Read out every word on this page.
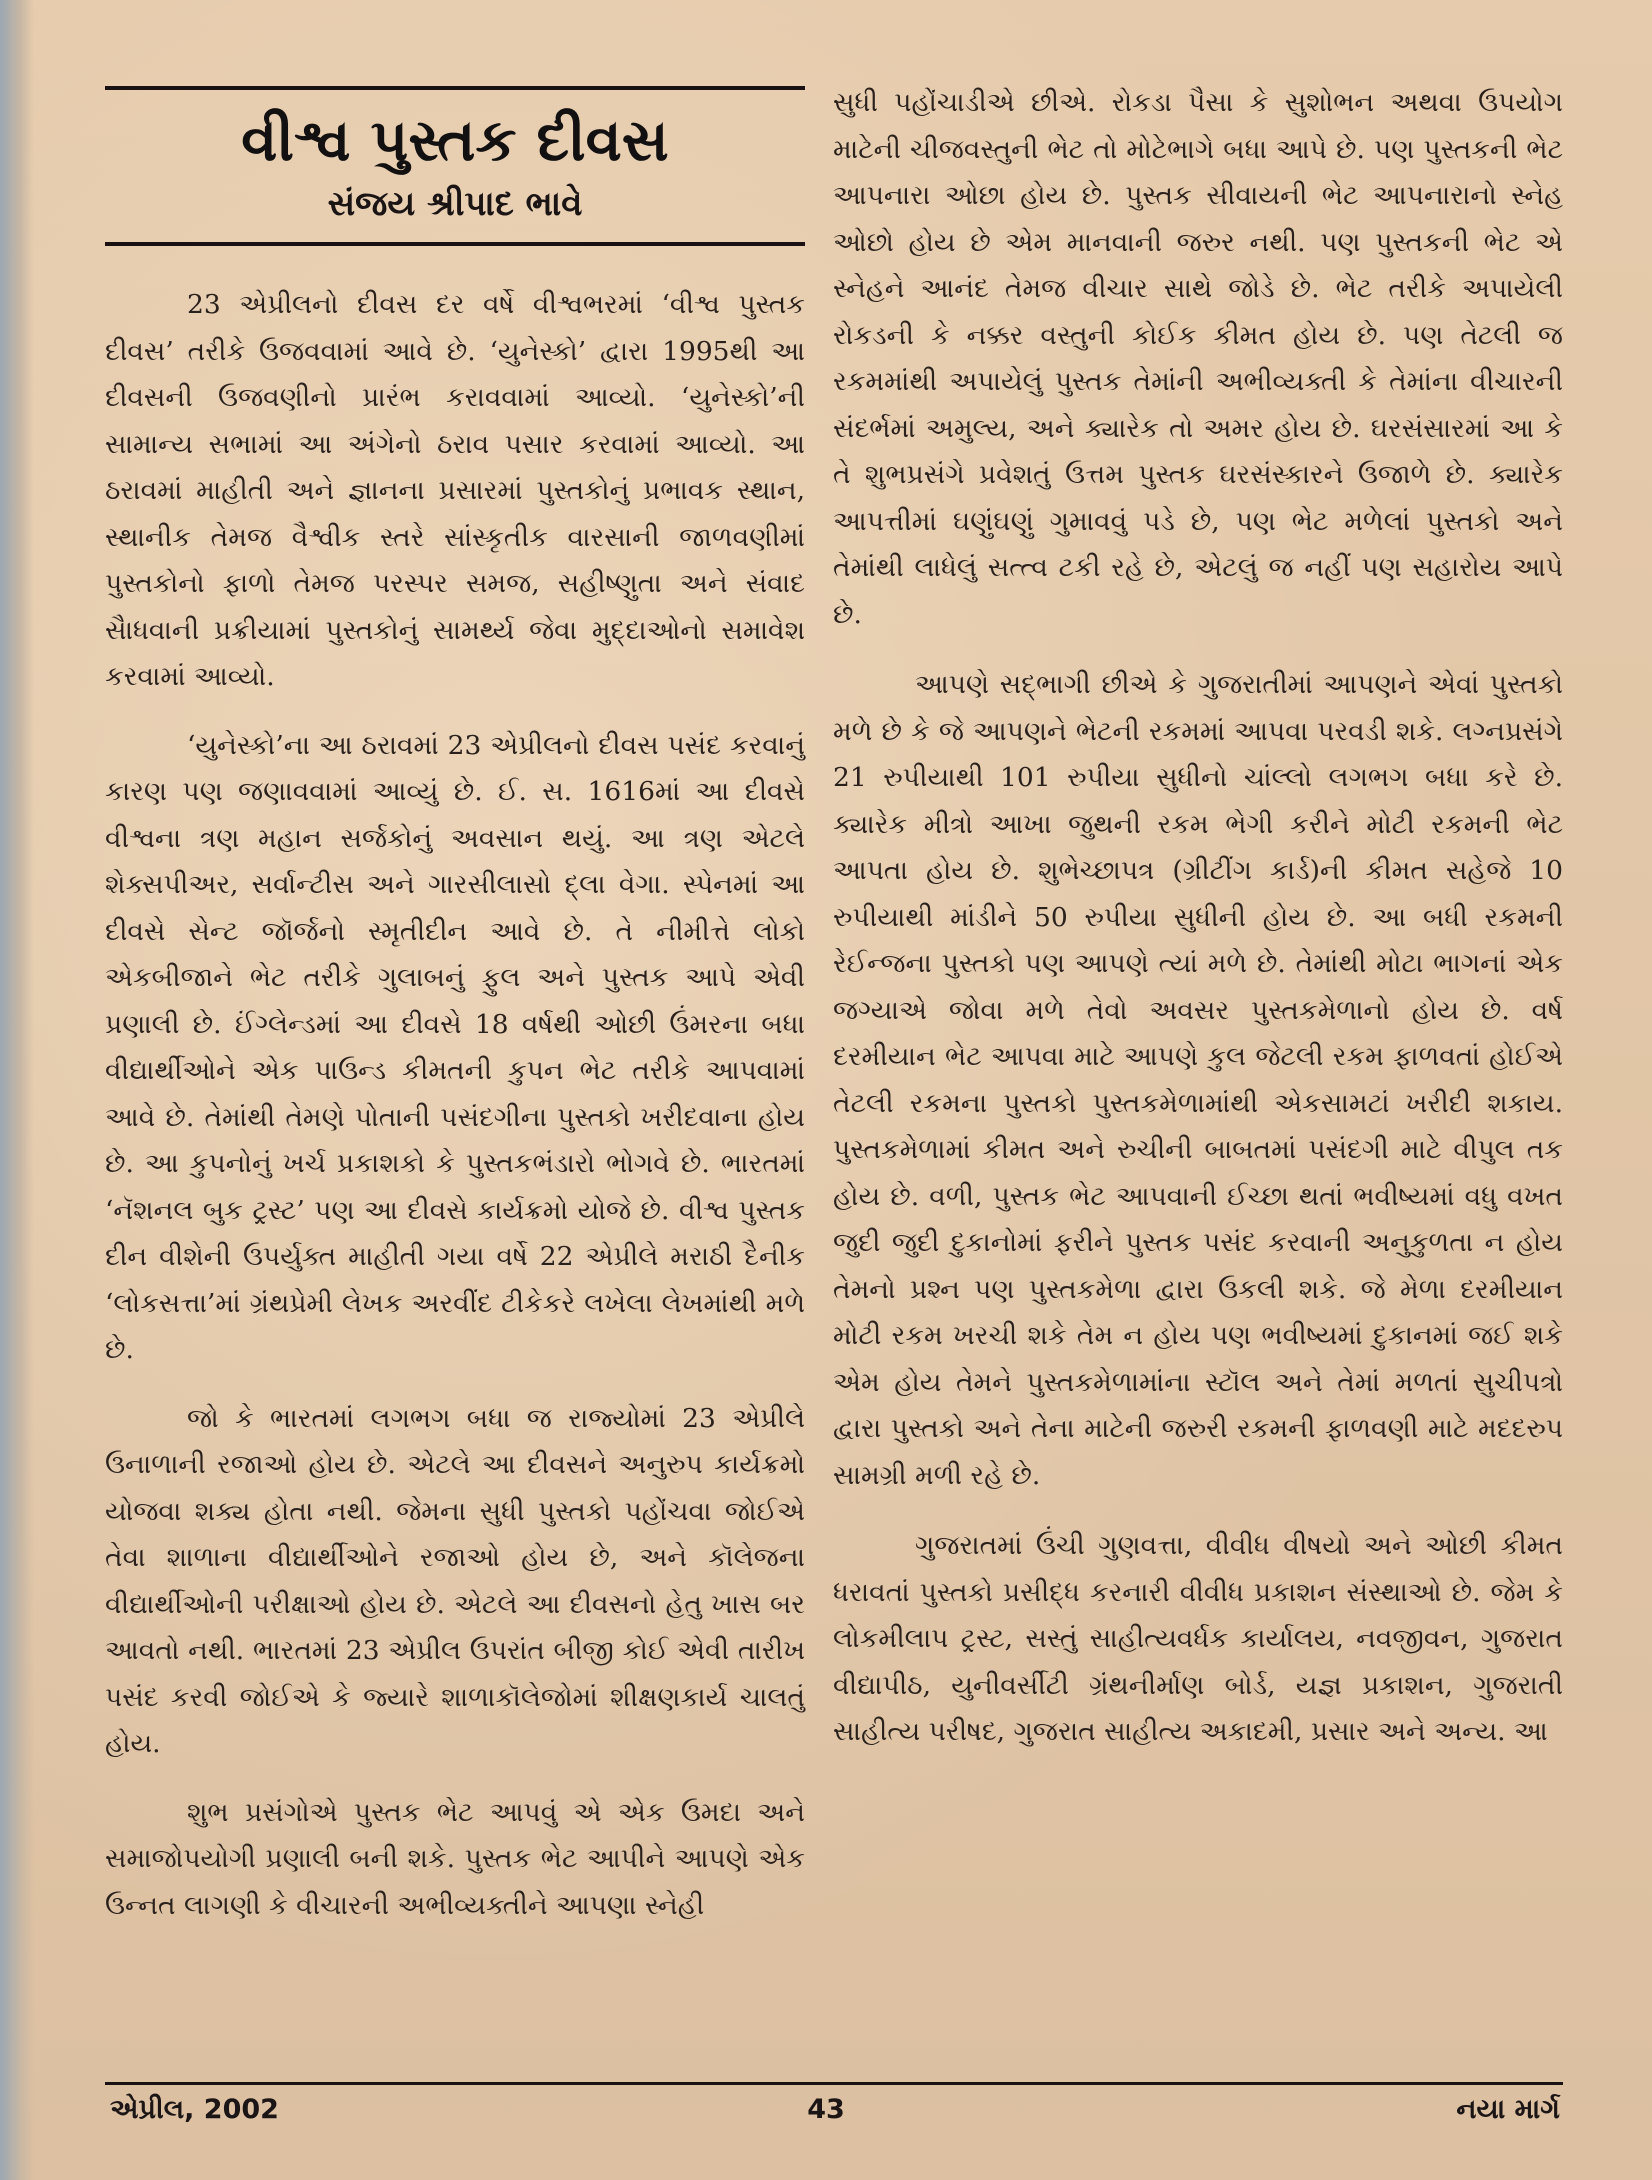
વીશ્વ પુસ્તક દીવસ
સંજય શ્રીપાદ ભાવે

23 એપ્રીલનો દીવસ દર વર્ષે વીશ્વભરમાં ‘વીશ્વ પુસ્તક દીવસ’ તરીકે ઉજવવામાં આવે છે. ‘યુનેસ્કો’ દ્વારા 1995થી આ દીવસની ઉજવણીનો પ્રારંભ કરાવવામાં આવ્યો. ‘યુનેસ્કો’ની સામાન્ય સભામાં આ અંગેનો ઠરાવ પસાર કરવામાં આવ્યો. આ ઠરાવમાં માહીતી અને જ્ઞાનના પ્રસારમાં પુસ્તકોનું પ્રભાવક સ્થાન, સ્થાનીક તેમજ વૈશ્વીક સ્તરે સાંસ્કૃતીક વારસાની જાળવણીમાં પુસ્તકોનો ફાળો તેમજ પરસ્પર સમજ, સહીષ્ણુતા અને સંવાદ સૈાધવાની પ્રક્રીયામાં પુસ્તકોનું સામર્થ્ય જેવા મુદ્દાઓનો સમાવેશ કરવામાં આવ્યો.

‘યુનેસ્કો’ના આ ઠરાવમાં 23 એપ્રીલનો દીવસ પસંદ કરવાનું કારણ પણ જણાવવામાં આવ્યું છે. ઈ. સ. 1616માં આ દીવસે વીશ્વના ત્રણ મહાન સર્જકોનું અવસાન થયું. આ ત્રણ એટલે શેક્સપીઅર, સર્વાન્ટીસ અને ગારસીલાસો દ્લા વેગા. સ્પેનમાં આ દીવસે સેન્ટ જૉર્જનો સ્મૃતીદીન આવે છે. તે નીમીત્તે લોકો એકબીજાને ભેટ તરીકે ગુલાબનું ફુલ અને પુસ્તક આપે એવી પ્રણાલી છે. ઈંગ્લેન્ડમાં આ દીવસે 18 વર્ષથી ઓછી ઉંમરના બધા વીદ્યાર્થીઓને એક પાઉન્ડ કીમતની કુપન ભેટ તરીકે આપવામાં આવે છે. તેમાંથી તેમણે પોતાની પસંદગીના પુસ્તકો ખરીદવાના હોય છે. આ કુપનોનું ખર્ચ પ્રકાશકો કે પુસ્તકભંડારો ભોગવે છે. ભારતમાં ‘નૅશનલ બુક ટ્રસ્ટ’ પણ આ દીવસે કાર્યક્રમો યોજે છે. વીશ્વ પુસ્તક દીન વીશેની ઉપર્યુક્ત માહીતી ગયા વર્ષે 22 એપ્રીલે મરાઠી દૈનીક ‘લોકસત્તા’માં ગ્રંથપ્રેમી લેખક અરવીંદ ટીકેકરે લખેલા લેખમાંથી મળે છે.

જો કે ભારતમાં લગભગ બધા જ રાજ્યોમાં 23 એપ્રીલે ઉનાળાની રજાઓ હોય છે. એટલે આ દીવસને અનુરુપ કાર્યક્રમો યોજવા શક્ય હોતા નથી. જેમના સુધી પુસ્તકો પહોંચવા જોઈએ તેવા શાળાના વીદ્યાર્થીઓને રજાઓ હોય છે, અને કૉલેજના વીદ્યાર્થીઓની પરીક્ષાઓ હોય છે. એટલે આ દીવસનો હેતુ ખાસ બર આવતો નથી. ભારતમાં 23 એપ્રીલ ઉપરાંત બીજી કોઈ એવી તારીખ પસંદ કરવી જોઈએ કે જ્યારે શાળાકૉલેજોમાં શીક્ષણકાર્ય ચાલતું હોય.

શુભ પ્રસંગોએ પુસ્તક ભેટ આપવું એ એક ઉમદા અને સમાજોપયોગી પ્રણાલી બની શકે. પુસ્તક ભેટ આપીને આપણે એક ઉન્નત લાગણી કે વીચારની અભીવ્યક્તીને આપણા સ્નેહી

સુધી પહોંચાડીએ છીએ. રોકડા પૈસા કે સુશોભન અથવા ઉપયોગ માટેની ચીજવસ્તુની ભેટ તો મોટેભાગે બધા આપે છે. પણ પુસ્તકની ભેટ આપનારા ઓછા હોય છે. પુસ્તક સીવાયની ભેટ આપનારાનો સ્નેહ ઓછો હોય છે એમ માનવાની જરુર નથી. પણ પુસ્તકની ભેટ એ સ્નેહને આનંદ તેમજ વીચાર સાથે જોડે છે. ભેટ તરીકે અપાયેલી રોકડની કે નક્કર વસ્તુની કોઈક કીમત હોય છે. પણ તેટલી જ રકમમાંથી અપાયેલું પુસ્તક તેમાંની અભીવ્યક્તી કે તેમાંના વીચારની સંદર્ભમાં અમુલ્ય, અને ક્યારેક તો અમર હોય છે. ઘરસંસારમાં આ કે તે શુભપ્રસંગે પ્રવેશતું ઉત્તમ પુસ્તક ઘરસંસ્કારને ઉજાળે છે. ક્યારેક આપત્તીમાં ઘણુંઘણું ગુમાવવું પડે છે, પણ ભેટ મળેલાં પુસ્તકો અને તેમાંથી લાધેલું સત્ત્વ ટકી રહે છે, એટલું જ નહીં પણ સહારોય આપે છે.

આપણે સદ્ભાગી છીએ કે ગુજરાતીમાં આપણને એવાં પુસ્તકો મળે છે કે જે આપણને ભેટની રકમમાં આપવા પરવડી શકે. લગ્નપ્રસંગે 21 રુપીયાથી 101 રુપીયા સુધીનો ચાંલ્લો લગભગ બધા કરે છે. ક્યારેક મીત્રો આખા જુથની રકમ ભેગી કરીને મોટી રકમની ભેટ આપતા હોય છે. શુભેચ્છાપત્ર (ગ્રીટીંગ કાર્ડ)ની કીમત સહેજે 10 રુપીયાથી માંડીને 50 રુપીયા સુધીની હોય છે. આ બધી રકમની રેઈન્જના પુસ્તકો પણ આપણે ત્યાં મળે છે. તેમાંથી મોટા ભાગનાં એક જગ્યાએ જોવા મળે તેવો અવસર પુસ્તકમેળાનો હોય છે. વર્ષ દરમીયાન ભેટ આપવા માટે આપણે કુલ જેટલી રકમ ફાળવતાં હોઈએ તેટલી રકમના પુસ્તકો પુસ્તકમેળામાંથી એકસામટાં ખરીદી શકાય. પુસ્તકમેળામાં કીમત અને રુચીની બાબતમાં પસંદગી માટે વીપુલ તક હોય છે. વળી, પુસ્તક ભેટ આપવાની ઈચ્છા થતાં ભવીષ્યમાં વધુ વખત જુદી જુદી દુકાનોમાં ફરીને પુસ્તક પસંદ કરવાની અનુકુળતા ન હોય તેમનો પ્રશ્ન પણ પુસ્તકમેળા દ્વારા ઉકલી શકે. જે મેળા દરમીયાન મોટી રકમ ખરચી શકે તેમ ન હોય પણ ભવીષ્યમાં દુકાનમાં જઈ શકે એમ હોય તેમને પુસ્તકમેળામાંના સ્ટૉલ અને તેમાં મળતાં સુચીપત્રો દ્વારા પુસ્તકો અને તેના માટેની જરુરી રકમની ફાળવણી માટે મદદરુપ સામગ્રી મળી રહે છે.

ગુજરાતમાં ઉંચી ગુણવત્તા, વીવીધ વીષયો અને ઓછી કીમત ધરાવતાં પુસ્તકો પ્રસીદ્ધ કરનારી વીવીધ પ્રકાશન સંસ્થાઓ છે. જેમ કે લોકમીલાપ ટ્રસ્ટ, સસ્તું સાહીત્યવર્ધક કાર્યાલય, નવજીવન, ગુજરાત વીદ્યાપીઠ, યુનીવર્સીટી ગ્રંથનીર્માણ બોર્ડ, યજ્ઞ પ્રકાશન, ગુજરાતી સાહીત્ય પરીષદ, ગુજરાત સાહીત્ય અકાદમી, પ્રસાર અને અન્ય. આ

એપ્રીલ, 2002	43	નયા માર્ગ
